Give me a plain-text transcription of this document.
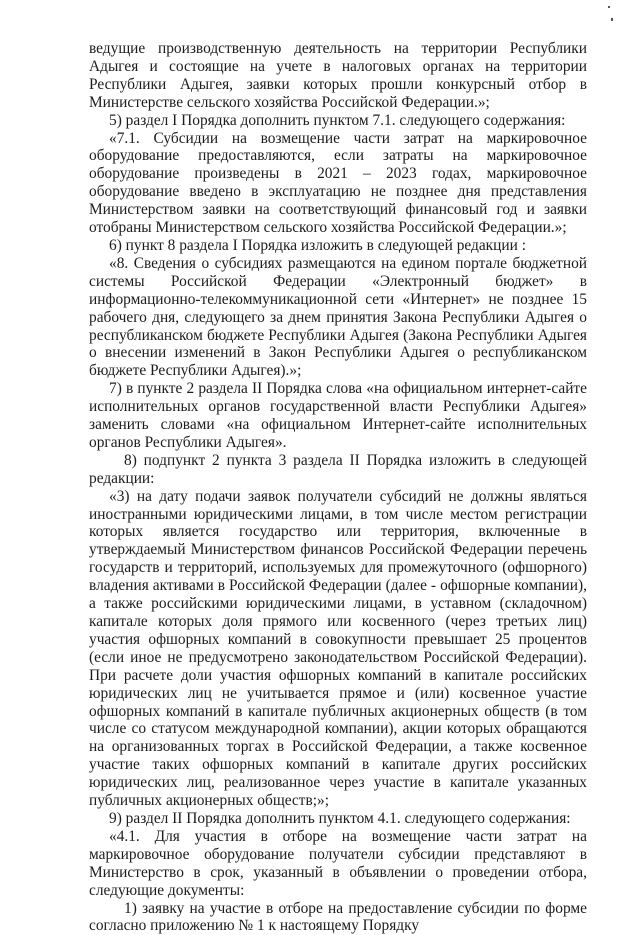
ведущие производственную деятельность на территории Республики Адыгея и состоящие на учете в налоговых органах на территории Республики Адыгея, заявки которых прошли конкурсный отбор в Министерстве сельского хозяйства Российской Федерации.»;

5) раздел I Порядка дополнить пунктом 7.1. следующего содержания:

«7.1. Субсидии на возмещение части затрат на маркировочное оборудование предоставляются, если затраты на маркировочное оборудование произведены в 2021 – 2023 годах, маркировочное оборудование введено в эксплуатацию не позднее дня представления Министерством заявки на соответствующий финансовый год и заявки отобраны Министерством сельского хозяйства Российской Федерации.»;

6) пункт 8 раздела I Порядка изложить в следующей редакции :

«8. Сведения о субсидиях размещаются на едином портале бюджетной системы Российской Федерации «Электронный бюджет» в информационно-телекоммуникационной сети «Интернет» не позднее 15 рабочего дня, следующего за днем принятия Закона Республики Адыгея о республиканском бюджете Республики Адыгея (Закона Республики Адыгея о внесении изменений в Закон Республики Адыгея о республиканском бюджете Республики Адыгея).»;

7) в пункте 2 раздела II Порядка слова «на официальном интернет-сайте исполнительных органов государственной власти Республики Адыгея» заменить словами «на официальном Интернет-сайте исполнительных органов Республики Адыгея».

8) подпункт 2 пункта 3 раздела II Порядка изложить в следующей редакции:

«3) на дату подачи заявок получатели субсидий не должны являться иностранными юридическими лицами, в том числе местом регистрации которых является государство или территория, включенные в утверждаемый Министерством финансов Российской Федерации перечень государств и территорий, используемых для промежуточного (офшорного) владения активами в Российской Федерации (далее - офшорные компании), а также российскими юридическими лицами, в уставном (складочном) капитале которых доля прямого или косвенного (через третьих лиц) участия офшорных компаний в совокупности превышает 25 процентов (если иное не предусмотрено законодательством Российской Федерации). При расчете доли участия офшорных компаний в капитале российских юридических лиц не учитывается прямое и (или) косвенное участие офшорных компаний в капитале публичных акционерных обществ (в том числе со статусом международной компании), акции которых обращаются на организованных торгах в Российской Федерации, а также косвенное участие таких офшорных компаний в капитале других российских юридических лиц, реализованное через участие в капитале указанных публичных акционерных обществ;»;

9) раздел II Порядка дополнить пунктом 4.1. следующего содержания:

«4.1. Для участия в отборе на возмещение части затрат на маркировочное оборудование получатели субсидии представляют в Министерство в срок, указанный в объявлении о проведении отбора, следующие документы:

1) заявку на участие в отборе на предоставление субсидии по форме согласно приложению № 1 к настоящему Порядку
